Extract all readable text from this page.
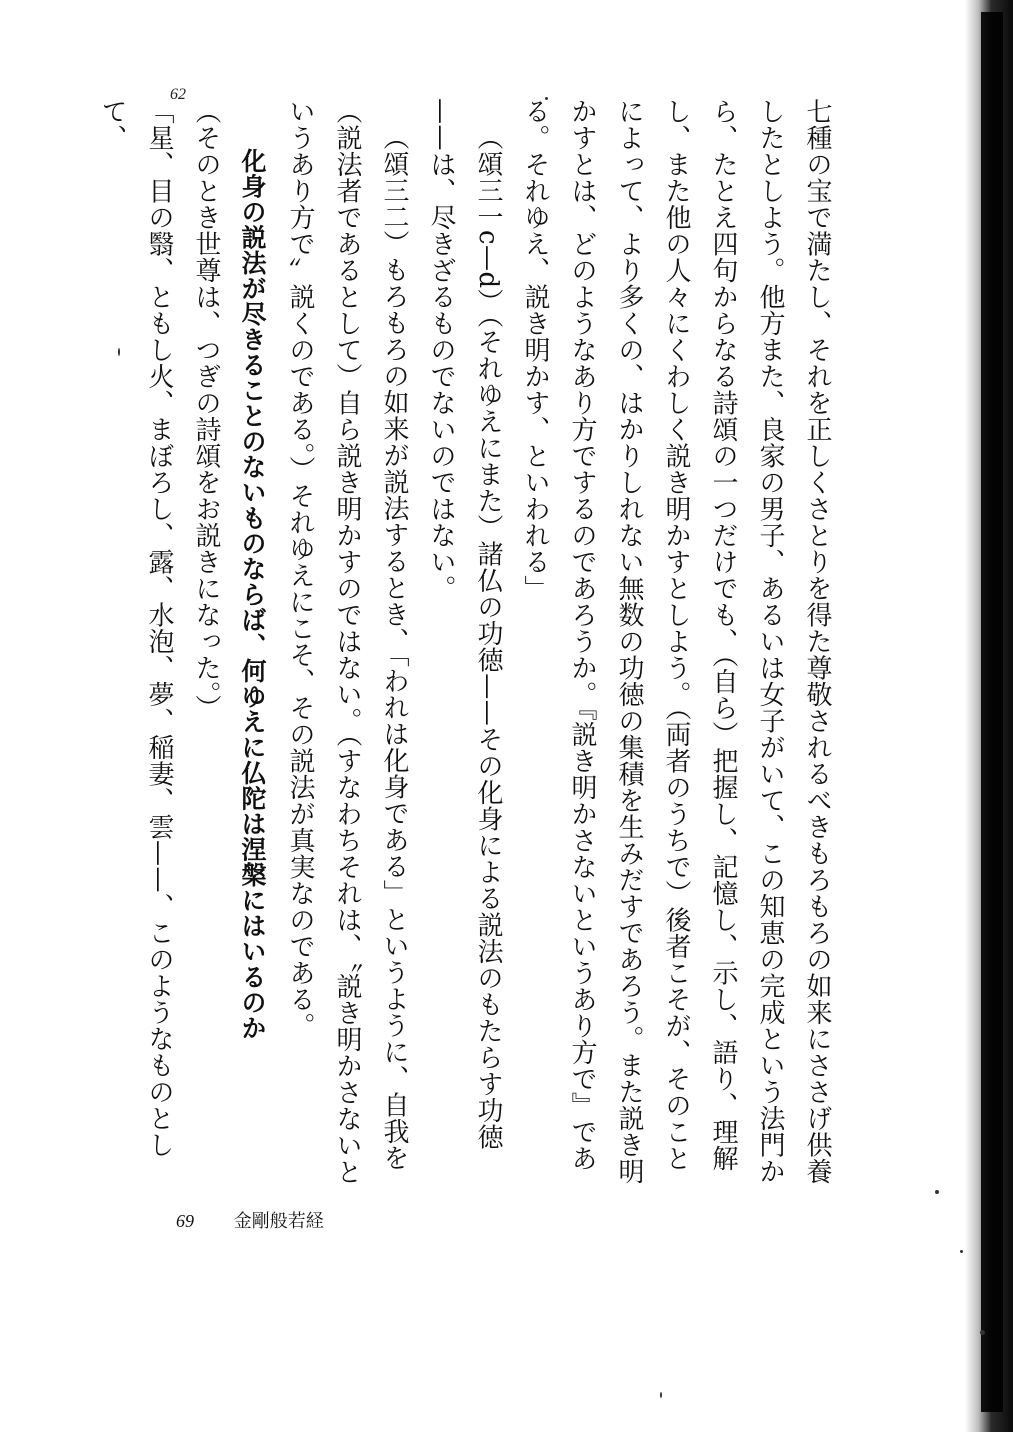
62

七種の宝で満たし、それを正しくさとりを得た尊敬されるべきもろもろの如来にささげ供養したとしよう。他方また、良家の男子、あるいは女子がいて、この知恵の完成という法門から、たとえ四句からなる詩頌の一つだけでも、（自ら）把握し、記憶し、示し、語り、理解し、また他の人々にくわしく説き明かすとしよう。（両者のうちで）後者こそが、そのことによって、より多くの、はかりしれない無数の功徳の集積を生みだすであろう。また説き明かすとは、どのようなあり方でするのであろうか。『説き明かさないというあり方で』である。それゆえ、説き明かす、といわれる」

（頌三一c—d）（それゆえにまた）諸仏の功徳——その化身による説法のもたらす功徳——は、尽きざるものでないのではない。

（頌三二）もろもろの如来が説法するとき、「われは化身である」というように、自我を（説法者であるとして）自ら説き明かすのではない。（すなわちそれは、〝説き明かさないというあり方で〟説くのである。）それゆえにこそ、その説法が真実なのである。

化身の説法が尽きることのないものならば、何ゆえに仏陀は涅槃にはいるのか

（そのとき世尊は、つぎの詩頌をお説きになった。）

「星、目の翳、ともし火、まぼろし、露、水泡、夢、稲妻、雲——、このようなものとして、

69 金剛般若経
